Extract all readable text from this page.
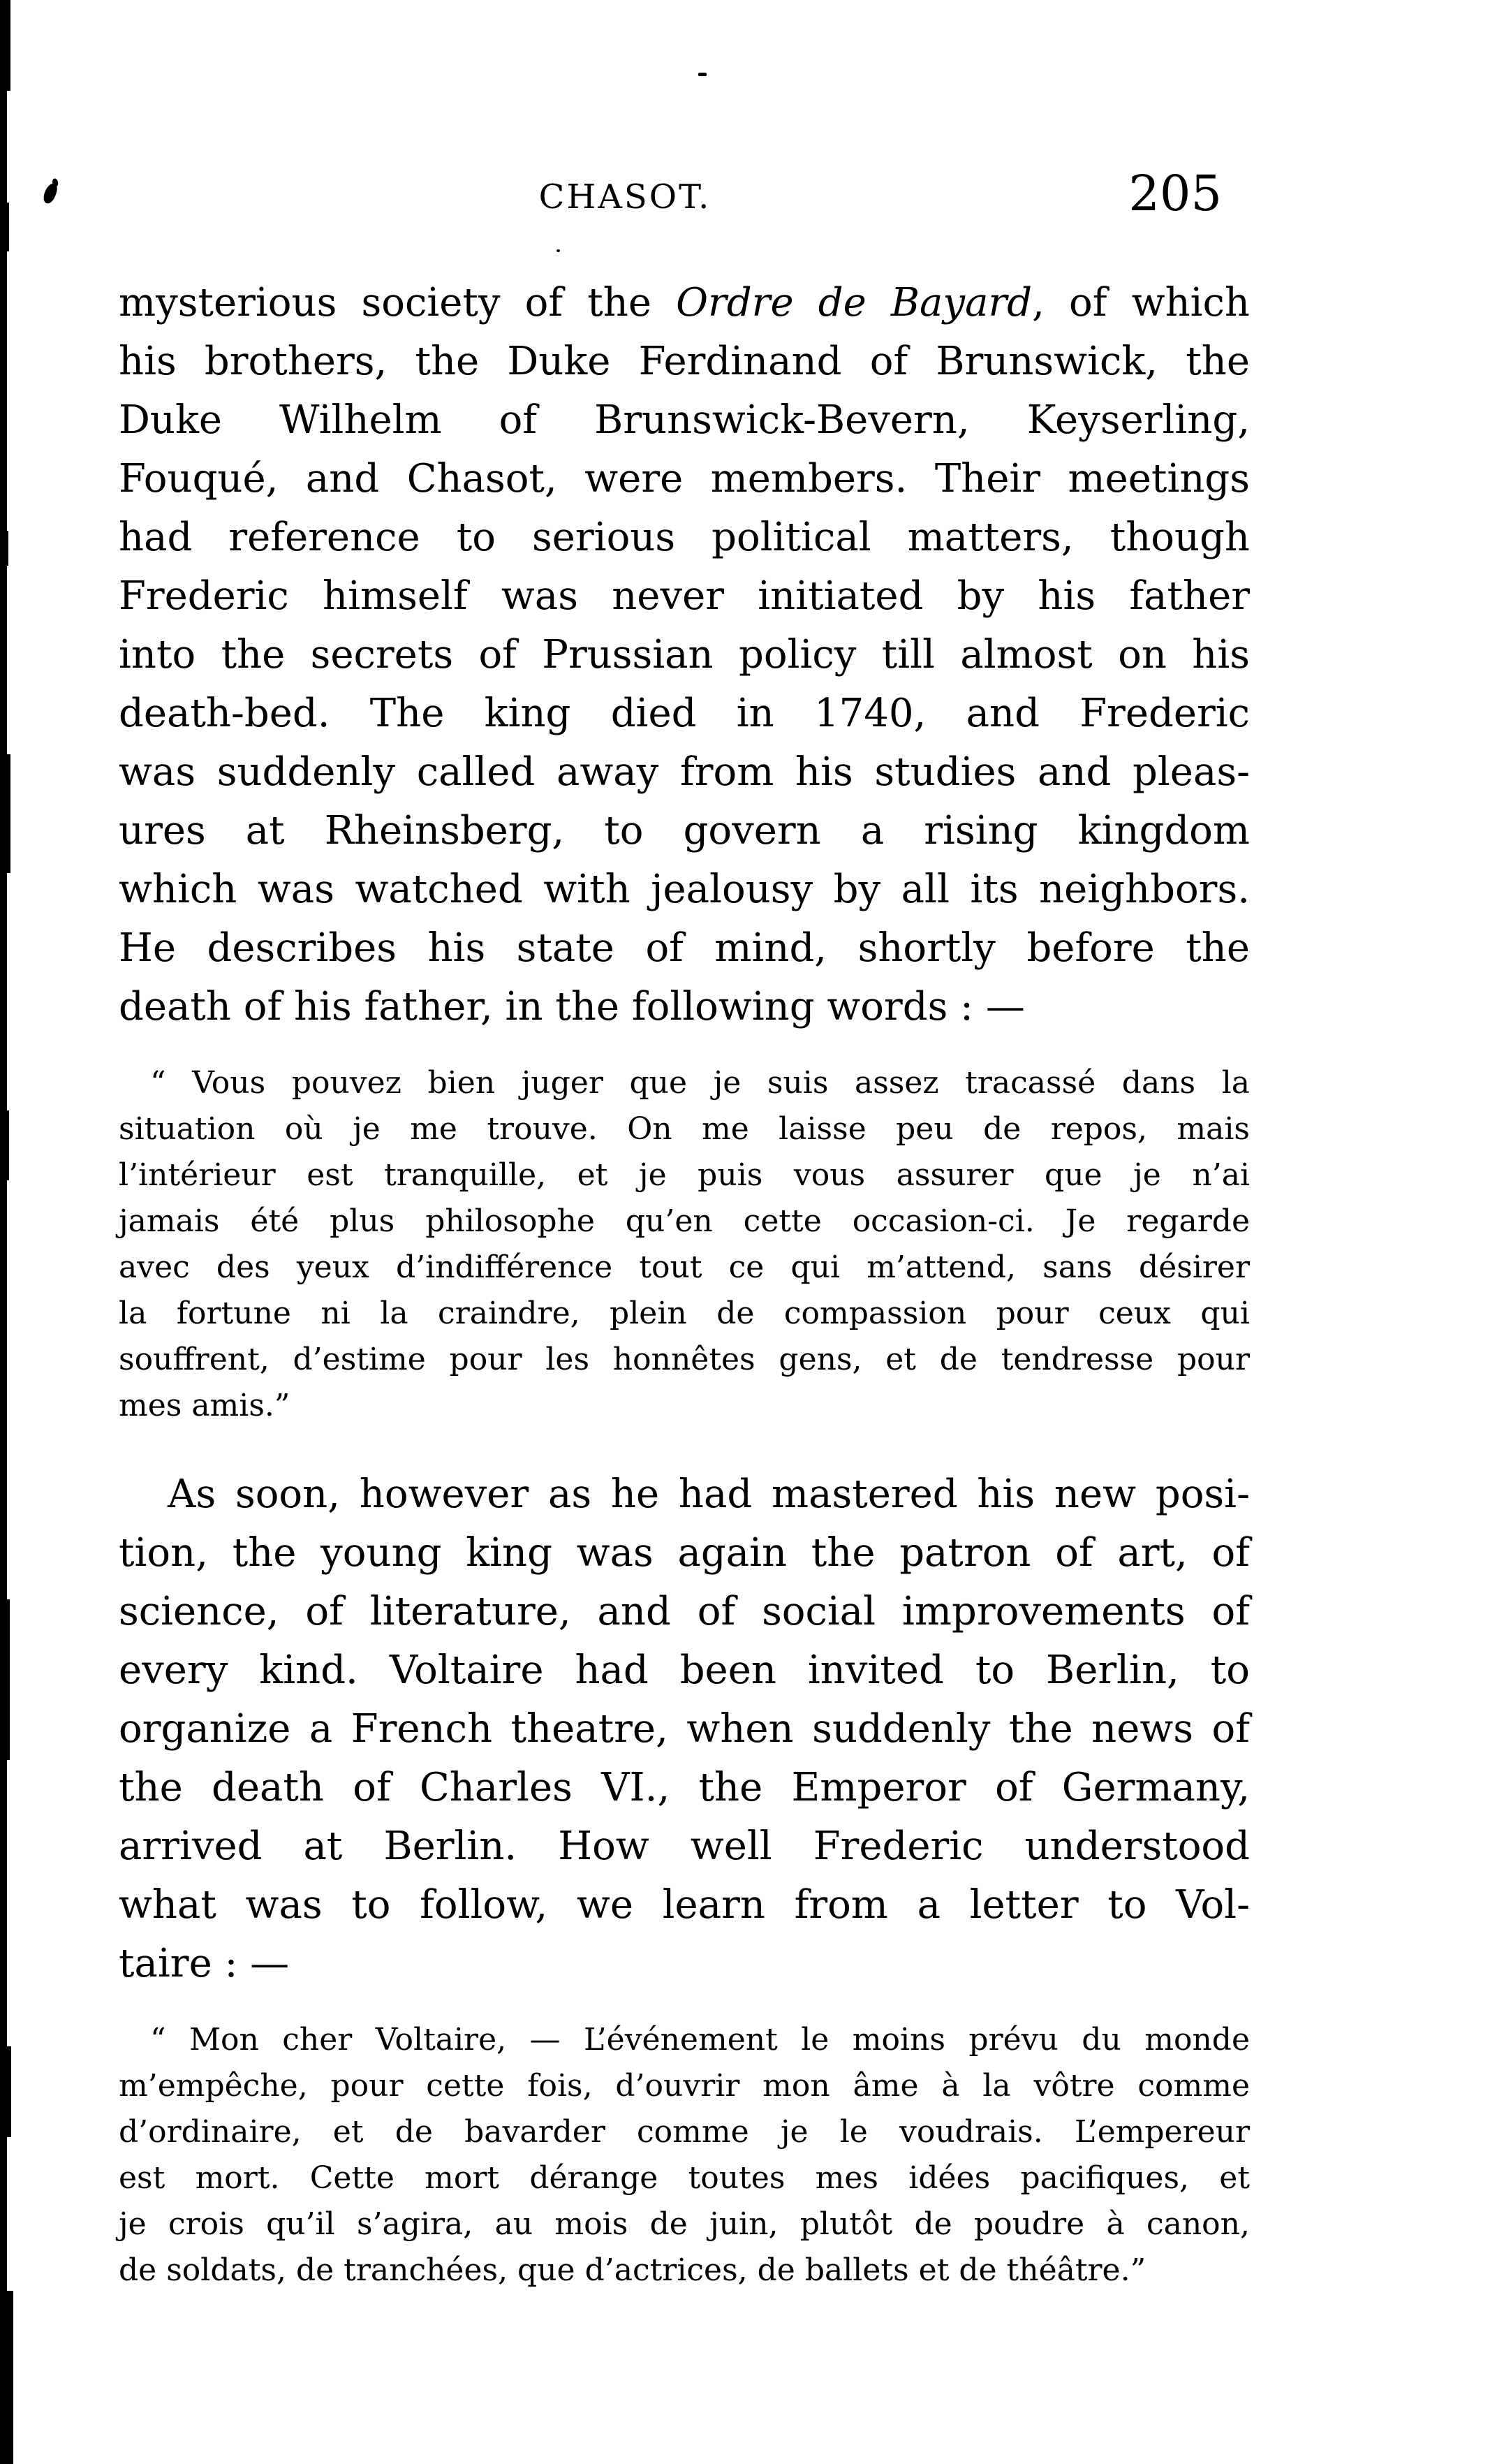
CHASOT.	205
mysterious society of the Ordre de Bayard, of which
his brothers, the Duke Ferdinand of Brunswick, the
Duke Wilhelm of Brunswick-Bevern, Keyserling,
Fouqué, and Chasot, were members. Their meetings
had reference to serious political matters, though
Frederic himself was never initiated by his father
into the secrets of Prussian policy till almost on his
death-bed. The king died in 1740, and Frederic
was suddenly called away from his studies and pleas-
ures at Rheinsberg, to govern a rising kingdom
which was watched with jealousy by all its neighbors.
He describes his state of mind, shortly before the
death of his father, in the following words : —
“ Vous pouvez bien juger que je suis assez tracassé dans la
situation où je me trouve. On me laisse peu de repos, mais
l’intérieur est tranquille, et je puis vous assurer que je n’ai
jamais été plus philosophe qu’en cette occasion-ci. Je regarde
avec des yeux d’indifférence tout ce qui m’attend, sans désirer
la fortune ni la craindre, plein de compassion pour ceux qui
souffrent, d’estime pour les honnêtes gens, et de tendresse pour
mes amis.”
As soon, however as he had mastered his new posi-
tion, the young king was again the patron of art, of
science, of literature, and of social improvements of
every kind. Voltaire had been invited to Berlin, to
organize a French theatre, when suddenly the news of
the death of Charles VI., the Emperor of Germany,
arrived at Berlin. How well Frederic understood
what was to follow, we learn from a letter to Vol-
taire : —
“ Mon cher Voltaire, — L’événement le moins prévu du monde
m’empêche, pour cette fois, d’ouvrir mon âme à la vôtre comme
d’ordinaire, et de bavarder comme je le voudrais. L’empereur
est mort. Cette mort dérange toutes mes idées pacifiques, et
je crois qu’il s’agira, au mois de juin, plutôt de poudre à canon,
de soldats, de tranchées, que d’actrices, de ballets et de théâtre.”
